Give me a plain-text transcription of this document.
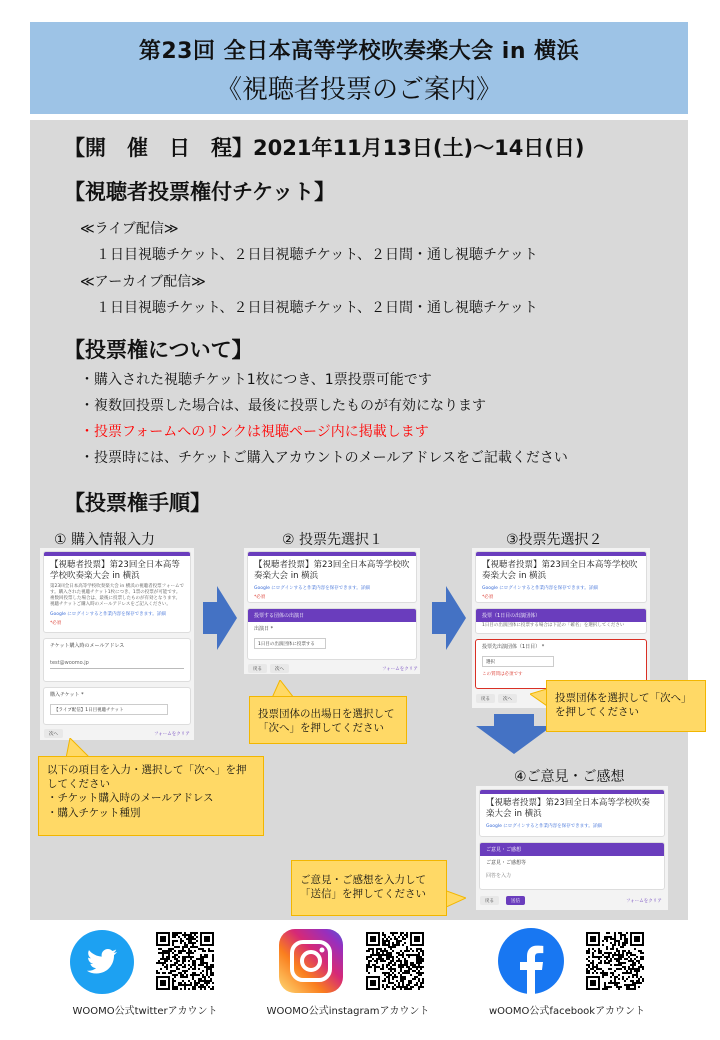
第23回 全日本高等学校吹奏楽大会 in 横浜
《視聴者投票のご案内》
【開　催　日　程】2021年11月13日(土)〜14日(日)
【視聴者投票権付チケット】
≪ライブ配信≫
１日目視聴チケット、２日目視聴チケット、２日間・通し視聴チケット
≪アーカイブ配信≫
１日目視聴チケット、２日目視聴チケット、２日間・通し視聴チケット
【投票権について】
・購入された視聴チケット1枚につき、1票投票可能です
・複数回投票した場合は、最後に投票したものが有効になります
・投票フォームへのリンクは視聴ページ内に掲載します
・投票時には、チケットご購入アカウントのメールアドレスをご記載ください
【投票権手順】
① 購入情報入力	② 投票先選択１	③投票先選択２
④ご意見・ご感想
【視聴者投票】第23回全日本高等学校吹奏楽大会 in 横浜
第23回全日本高等学校吹奏楽大会 in 横浜の視聴者投票フォームです。購入された視聴チケット1枚につき、1票の投票が可能です。複数回投票した場合は、最後に投票したものが有効となります。視聴チケットご購入時のメールアドレスをご記入ください。
Google にログインすると作業内容を保存できます。詳細
*必須
チケット購入時のメールアドレス
test@woomo.jp
購入チケット *
【ライブ配信】1日目視聴チケット
次へ	フォームをクリア
【視聴者投票】第23回全日本高等学校吹奏楽大会 in 横浜
Google にログインすると作業内容を保存できます。詳細
*必須
投票する団体の出演日
出演日 *
1日目の出演団体に投票する
戻る	次へ	フォームをクリア
【視聴者投票】第23回全日本高等学校吹奏楽大会 in 横浜
Google にログインすると作業内容を保存できます。詳細
*必須
投票（1日目の出演団体）
1日目の出演団体に投票する場合は下記の「確名」を選択してください
投票先出演団体（1日目） *
選択
この質問は必須です
戻る	次へ
【視聴者投票】第23回全日本高等学校吹奏楽大会 in 横浜
Google にログインすると作業内容を保存できます。詳細
ご意見・ご感想
ご意見・ご感想等
回答を入力
戻る	送信	フォームをクリア
以下の項目を入力・選択して「次へ」を押してください
・チケット購入時のメールアドレス
・購入チケット種別
投票団体の出場日を選択して「次へ」を押してください
投票団体を選択して「次へ」を押してください
ご意見・ご感想を入力して「送信」を押してください
WOOMO公式twitterアカウント	WOOMO公式instagramアカウント	wOOMO公式facebookアカウント
